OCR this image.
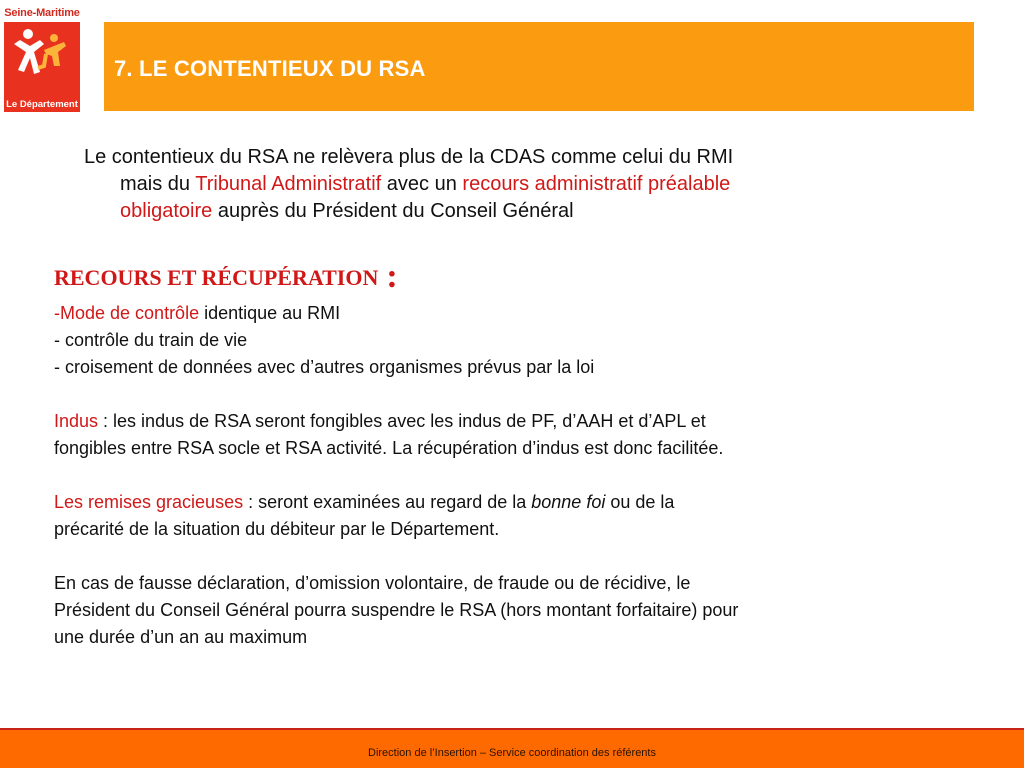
Seine-Maritime
Le Département
7. LE CONTENTIEUX DU RSA
Le contentieux du RSA ne relèvera plus de la CDAS comme celui du RMI
mais du Tribunal Administratif avec un recours administratif préalable
obligatoire auprès du Président du Conseil Général
RECOURS ET RÉCUPÉRATION :

-Mode de contrôle identique au RMI

- contrôle du train de vie

- croisement de données avec d’autres organismes prévus par la loi

Indus : les indus de RSA seront fongibles avec les indus de PF, d’AAH et d’APL et

fongibles entre RSA socle et RSA activité. La récupération d’indus est donc facilitée.

Les remises gracieuses : seront examinées au regard de la bonne foi ou de la

précarité de la situation du débiteur par le Département.

En cas de fausse déclaration, d’omission volontaire, de fraude ou de récidive, le

Président du Conseil Général pourra suspendre le RSA (hors montant forfaitaire) pour

une durée d’un an au maximum

Direction de l’Insertion – Service coordination des référents
